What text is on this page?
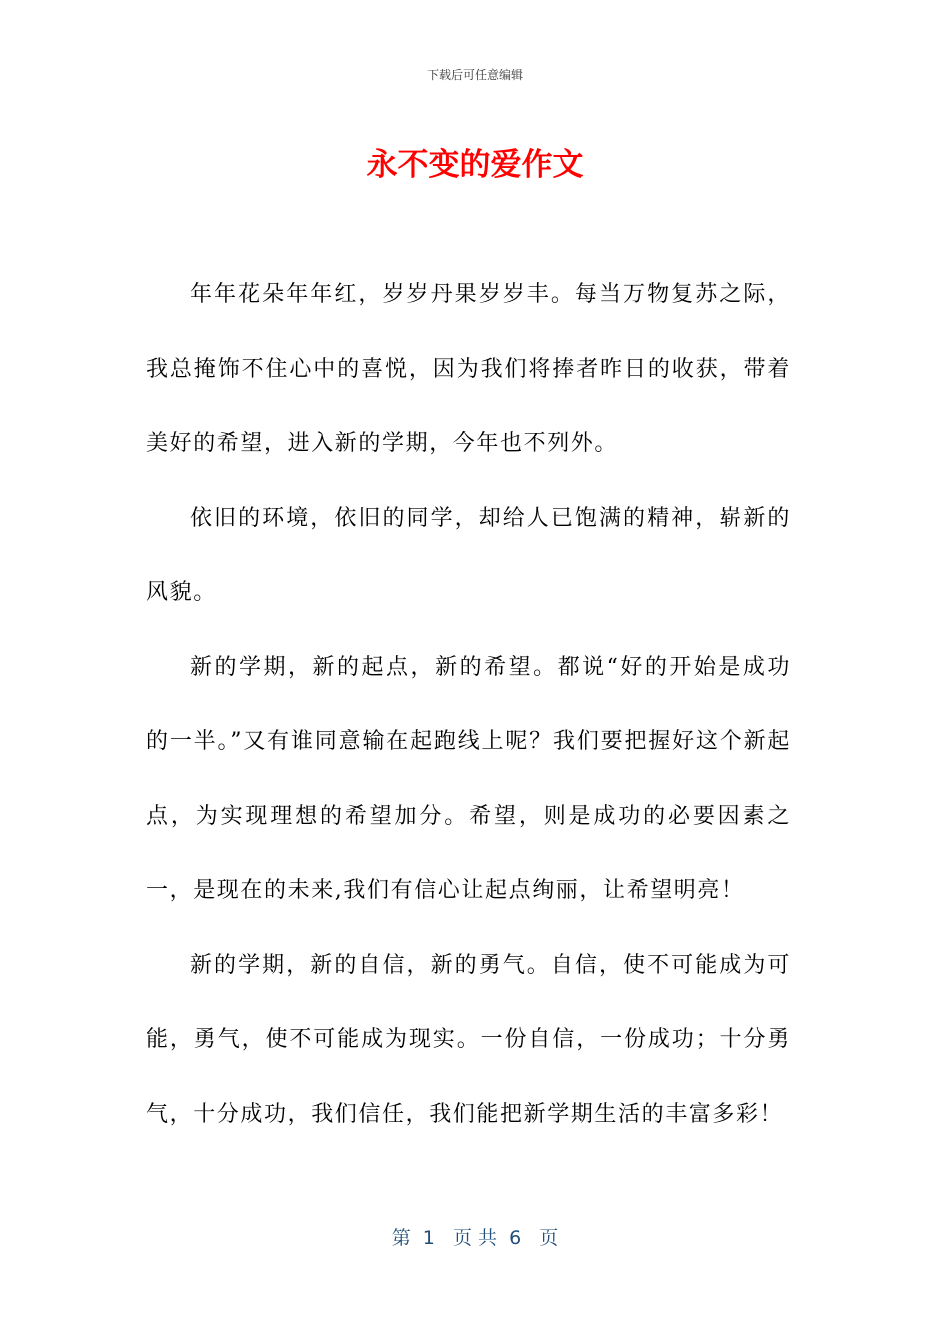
下载后可任意编辑
永不变的爱作文

年年花朵年年红，岁岁丹果岁岁丰。每当万物复苏之际，我总掩饰不住心中的喜悦，因为我们将捧者昨日的收获，带着美好的希望，进入新的学期，今年也不列外。

依旧的环境，依旧的同学，却给人已饱满的精神，崭新的风貌。

新的学期，新的起点，新的希望。都说“好的开始是成功的一半。”又有谁同意输在起跑线上呢？我们要把握好这个新起点，为实现理想的希望加分。希望，则是成功的必要因素之一，是现在的未来,我们有信心让起点绚丽，让希望明亮！

新的学期，新的自信，新的勇气。自信，使不可能成为可能，勇气，使不可能成为现实。一份自信，一份成功；十分勇气，十分成功，我们信任，我们能把新学期生活的丰富多彩！

第  1   页 共  6   页
